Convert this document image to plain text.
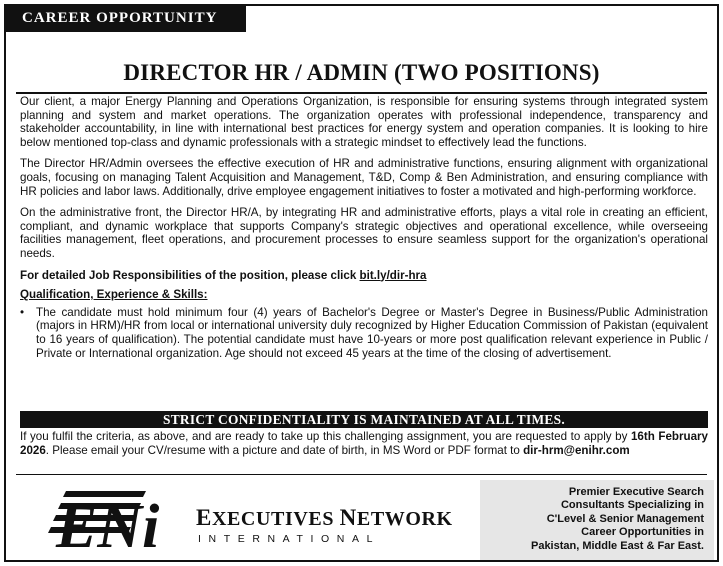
CAREER OPPORTUNITY
DIRECTOR HR / ADMIN (TWO POSITIONS)

Our client, a major Energy Planning and Operations Organization, is responsible for ensuring systems through integrated system planning and system and market operations. The organization operates with professional independence, transparency and stakeholder accountability, in line with international best practices for energy system and operation companies. It is looking to hire below mentioned top-class and dynamic professionals with a strategic mindset to effectively lead the functions.

The Director HR/Admin oversees the effective execution of HR and administrative functions, ensuring alignment with organizational goals, focusing on managing Talent Acquisition and Management, T&D, Comp & Ben Administration, and ensuring compliance with HR policies and labor laws. Additionally, drive employee engagement initiatives to foster a motivated and high-performing workforce.

On the administrative front, the Director HR/A, by integrating HR and administrative efforts, plays a vital role in creating an efficient, compliant, and dynamic workplace that supports Company's strategic objectives and operational excellence, while overseeing facilities management, fleet operations, and procurement processes to ensure seamless support for the organization's operational needs.

For detailed Job Responsibilities of the position, please click bit.ly/dir-hra
Qualification, Experience & Skills:
•	The candidate must hold minimum four (4) years of Bachelor's Degree or Master's Degree in Business/Public Administration (majors in HRM)/HR from local or international university duly recognized by Higher Education Commission of Pakistan (equivalent to 16 years of qualification). The potential candidate must have 10-years or more post qualification relevant experience in Public / Private or International organization. Age should not exceed 45 years at the time of the closing of advertisement.
STRICT CONFIDENTIALITY IS MAINTAINED AT ALL TIMES.
If you fulfil the criteria, as above, and are ready to take up this challenging assignment, you are requested to apply by 16th February 2026. Please email your CV/resume with a picture and date of birth, in MS Word or PDF format to dir-hrm@enihr.com
ENi EXECUTIVES NETWORK
INTERNATIONAL
Premier Executive Search
Consultants Specializing in
C'Level & Senior Management
Career Opportunities in
Pakistan, Middle East & Far East.
